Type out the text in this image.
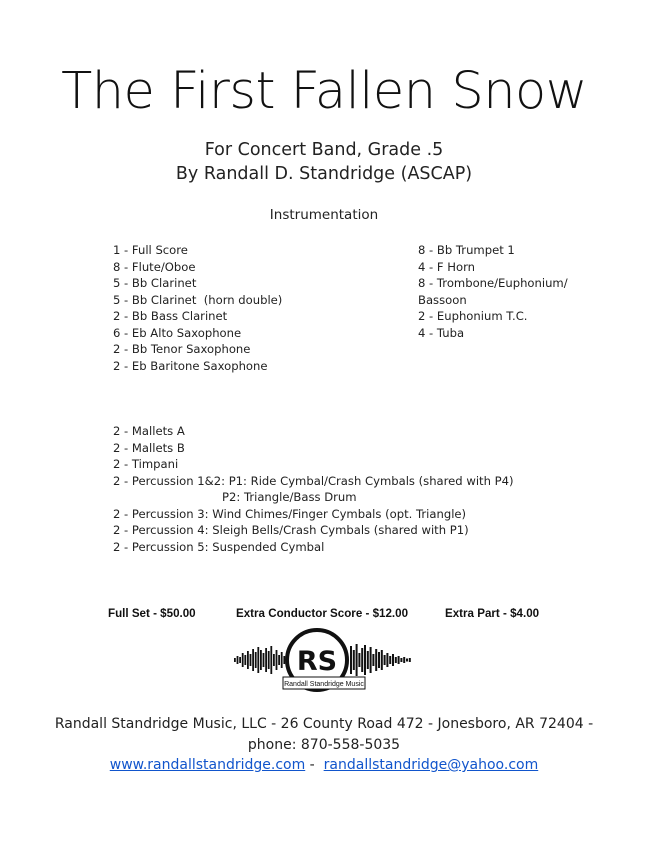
The First Fallen Snow
For Concert Band, Grade .5
By Randall D. Standridge (ASCAP)
Instrumentation
1 - Full Score
8 - Flute/Oboe
5 - Bb Clarinet
5 - Bb Clarinet  (horn double)
2 - Bb Bass Clarinet
6 - Eb Alto Saxophone
2 - Bb Tenor Saxophone
2 - Eb Baritone Saxophone
8 - Bb Trumpet 1
4 - F Horn
8 - Trombone/Euphonium/
Bassoon
2 - Euphonium T.C.
4 - Tuba
2 - Mallets A
2 - Mallets B
2 - Timpani
2 - Percussion 1&2: P1: Ride Cymbal/Crash Cymbals (shared with P4)
P2: Triangle/Bass Drum
2 - Percussion 3: Wind Chimes/Finger Cymbals (opt. Triangle)
2 - Percussion 4: Sleigh Bells/Crash Cymbals (shared with P1)
2 - Percussion 5: Suspended Cymbal
Full Set - $50.00	Extra Conductor Score - $12.00	Extra Part - $4.00
RS
Randall Standridge Music
Randall Standridge Music, LLC - 26 County Road 472 - Jonesboro, AR 72404 -
phone: 870-558-5035
www.randallstandridge.com -  randallstandridge@yahoo.com
